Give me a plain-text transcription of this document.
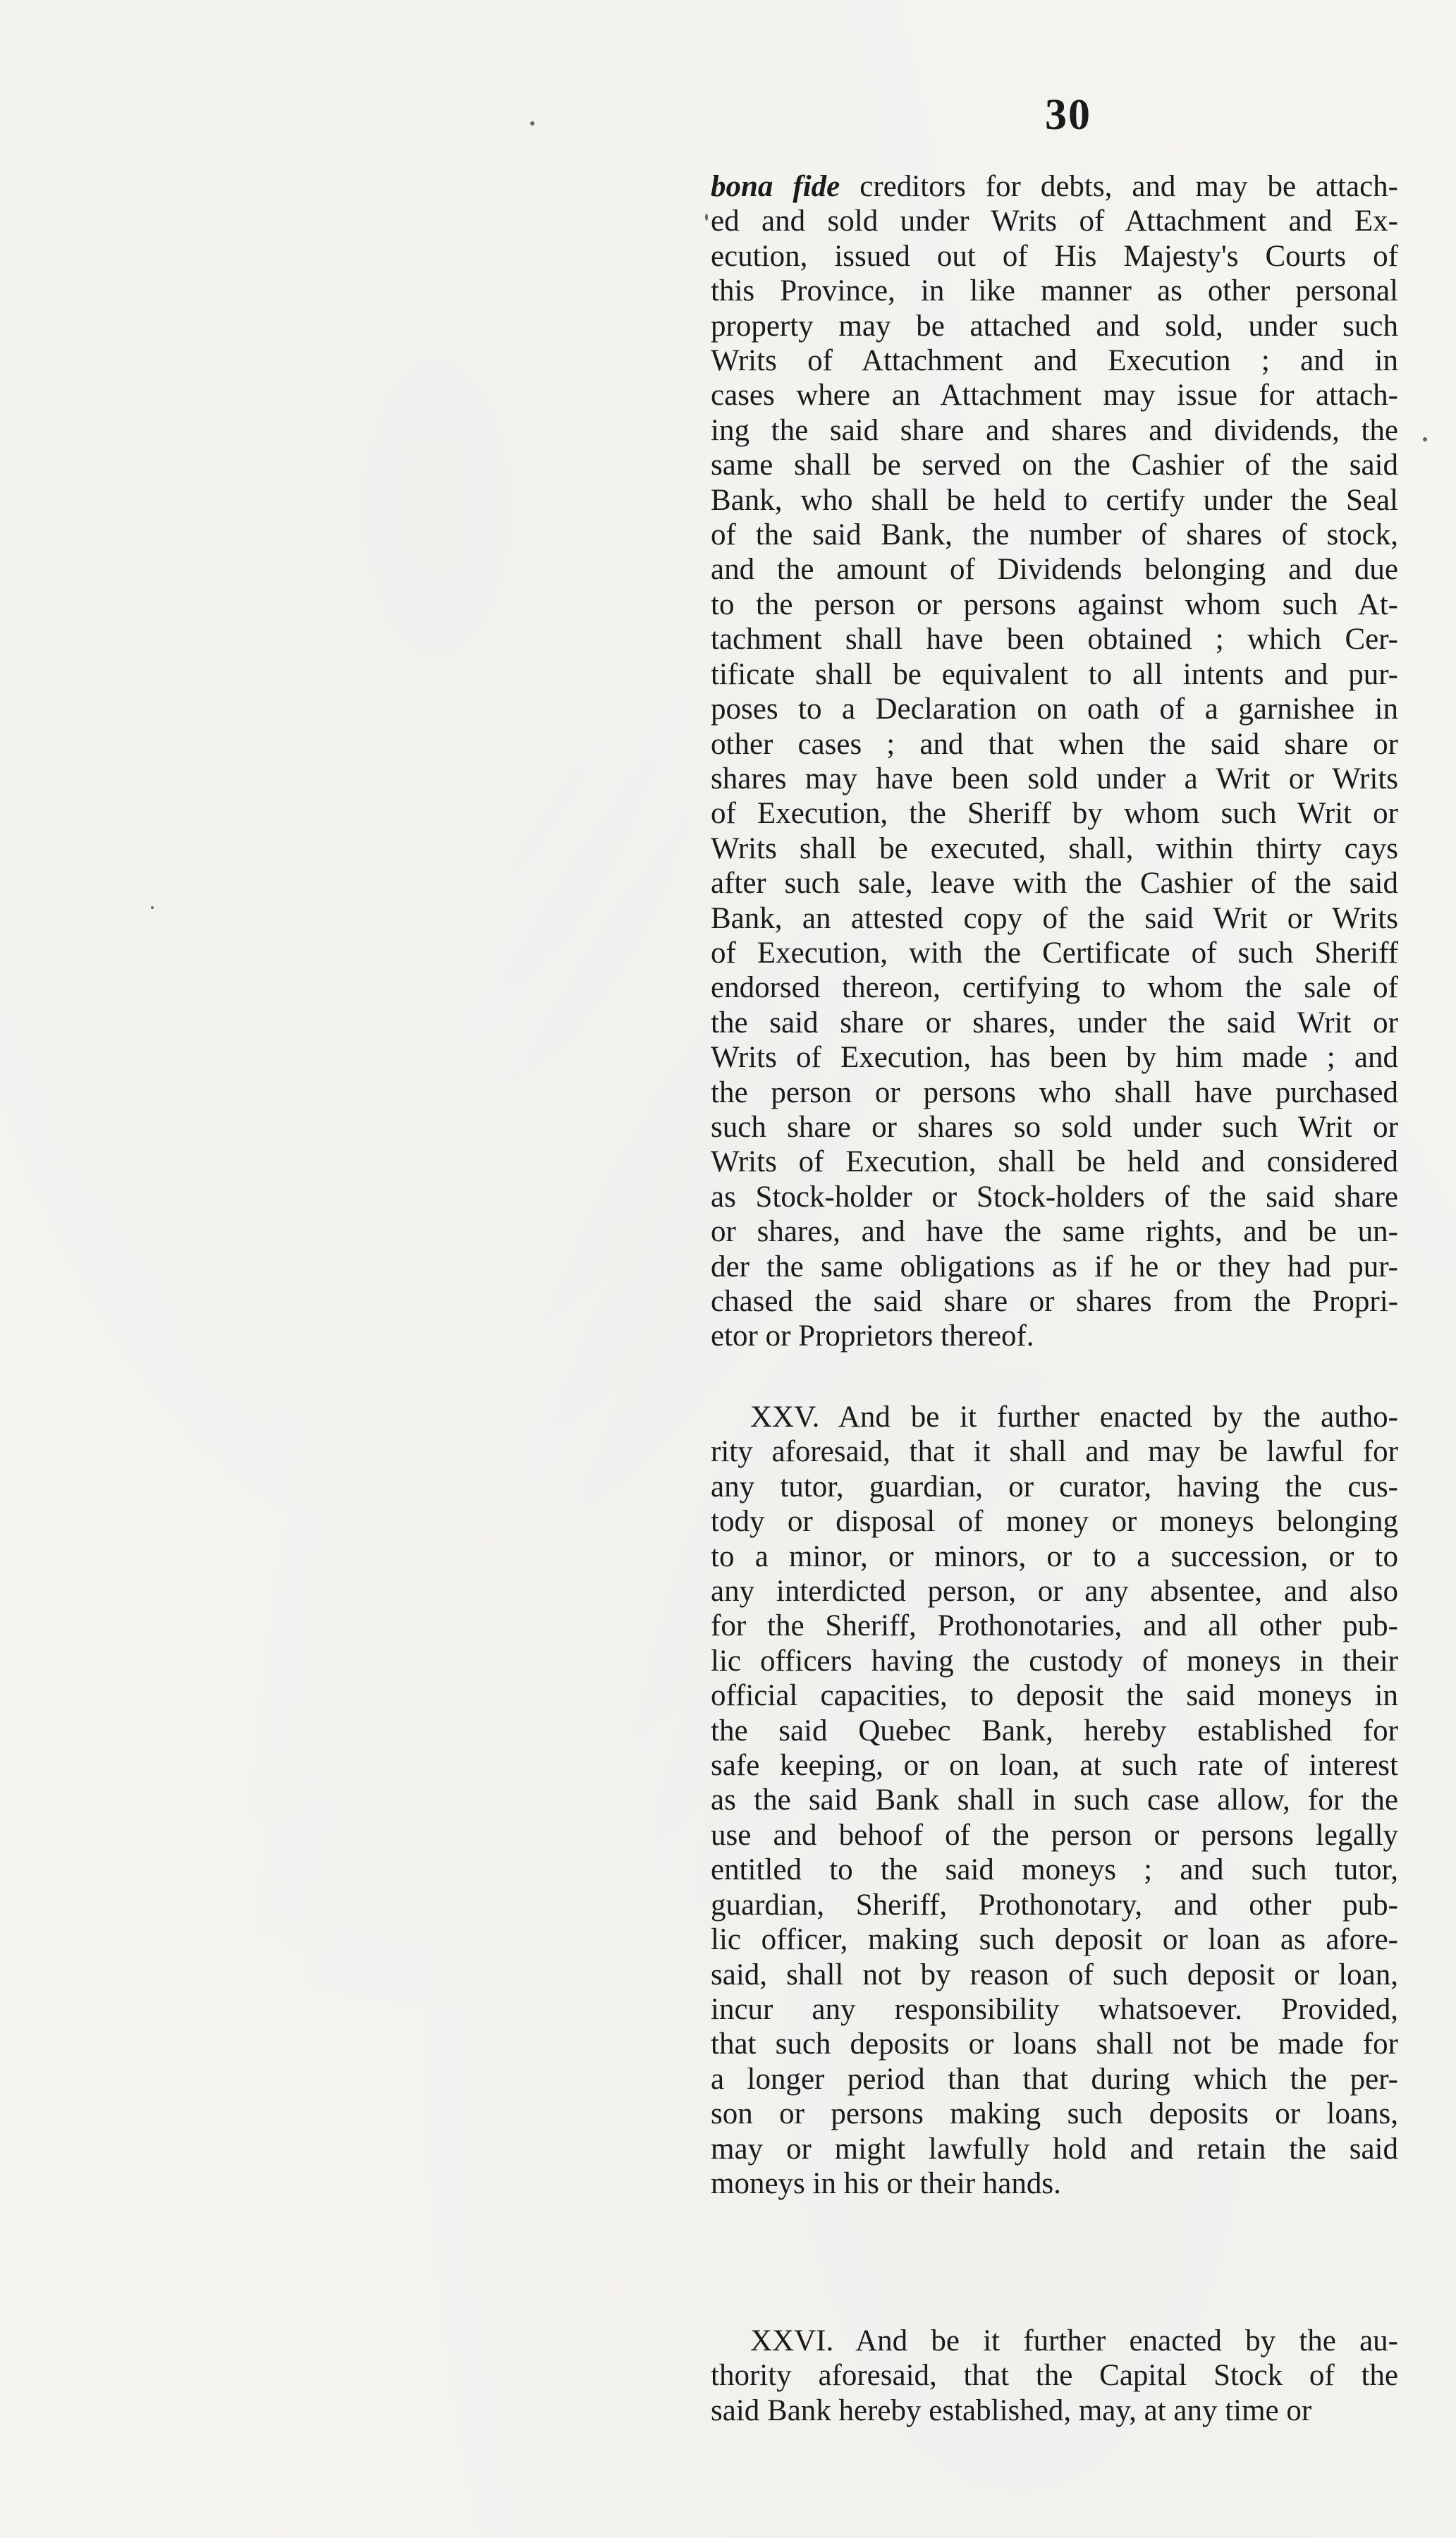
30
bona fide creditors for debts, and may be attach-
ed and sold under Writs of Attachment and Ex-
ecution, issued out of His Majesty's Courts of
this Province, in like manner as other personal
property may be attached and sold, under such
Writs of Attachment and Execution ; and in
cases where an Attachment may issue for attach-
ing the said share and shares and dividends, the
same shall be served on the Cashier of the said
Bank, who shall be held to certify under the Seal
of the said Bank, the number of shares of stock,
and the amount of Dividends belonging and due
to the person or persons against whom such At-
tachment shall have been obtained ; which Cer-
tificate shall be equivalent to all intents and pur-
poses to a Declaration on oath of a garnishee in
other cases ; and that when the said share or
shares may have been sold under a Writ or Writs
of Execution, the Sheriff by whom such Writ or
Writs shall be executed, shall, within thirty cays
after such sale, leave with the Cashier of the said
Bank, an attested copy of the said Writ or Writs
of Execution, with the Certificate of such Sheriff
endorsed thereon, certifying to whom the sale of
the said share or shares, under the said Writ or
Writs of Execution, has been by him made ; and
the person or persons who shall have purchased
such share or shares so sold under such Writ or
Writs of Execution, shall be held and considered
as Stock-holder or Stock-holders of the said share
or shares, and have the same rights, and be un-
der the same obligations as if he or they had pur-
chased the said share or shares from the Propri-
etor or Proprietors thereof.
XXV. And be it further enacted by the autho-
rity aforesaid, that it shall and may be lawful for
any tutor, guardian, or curator, having the cus-
tody or disposal of money or moneys belonging
to a minor, or minors, or to a succession, or to
any interdicted person, or any absentee, and also
for the Sheriff, Prothonotaries, and all other pub-
lic officers having the custody of moneys in their
official capacities, to deposit the said moneys in
the said Quebec Bank, hereby established for
safe keeping, or on loan, at such rate of interest
as the said Bank shall in such case allow, for the
use and behoof of the person or persons legally
entitled to the said moneys ; and such tutor,
guardian, Sheriff, Prothonotary, and other pub-
lic officer, making such deposit or loan as afore-
said, shall not by reason of such deposit or loan,
incur any responsibility whatsoever. Provided,
that such deposits or loans shall not be made for
a longer period than that during which the per-
son or persons making such deposits or loans,
may or might lawfully hold and retain the said
moneys in his or their hands.
XXVI. And be it further enacted by the au-
thority aforesaid, that the Capital Stock of the
said Bank hereby established, may, at any time or
